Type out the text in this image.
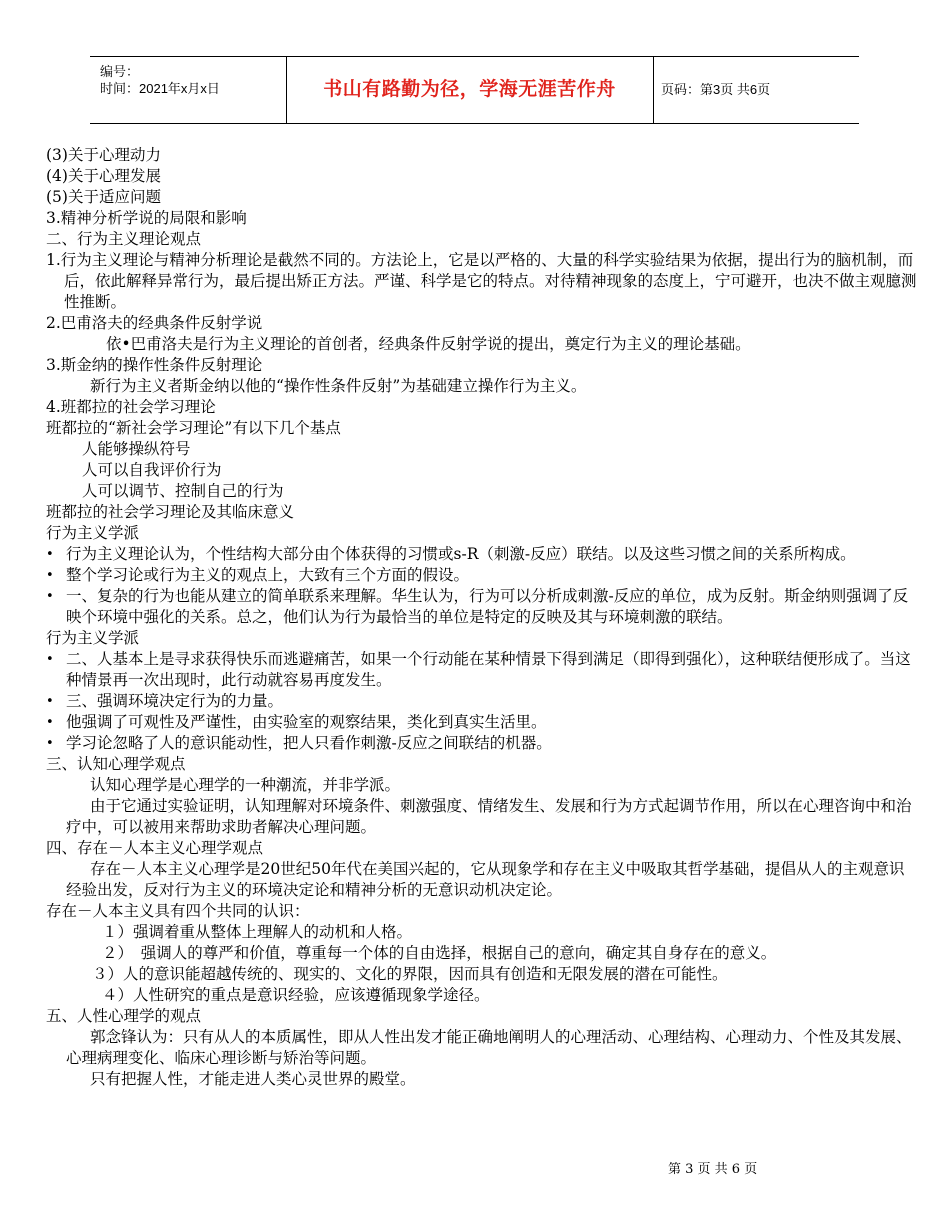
编号：
时间：2021年x月x日	书山有路勤为径，学海无涯苦作舟	页码：第3页 共6页
(3)关于心理动力
(4)关于心理发展
(5)关于适应问题
3.精神分析学说的局限和影响
二、行为主义理论观点
1.行为主义理论与精神分析理论是截然不同的。方法论上，它是以严格的、大量的科学实验结果为依据，提出行为的脑机制，而后，依此解释异常行为，最后提出矫正方法。严谨、科学是它的特点。对待精神现象的态度上，宁可避开，也决不做主观臆测性推断。
2.巴甫洛夫的经典条件反射学说
依•巴甫洛夫是行为主义理论的首创者，经典条件反射学说的提出，奠定行为主义的理论基础。
3.斯金纳的操作性条件反射理论
新行为主义者斯金纳以他的“操作性条件反射”为基础建立操作行为主义。
4.班都拉的社会学习理论
班都拉的“新社会学习理论”有以下几个基点
人能够操纵符号
人可以自我评价行为
人可以调节、控制自己的行为
班都拉的社会学习理论及其临床意义
行为主义学派
• 行为主义理论认为，个性结构大部分由个体获得的习惯或s-R（刺激-反应）联结。以及这些习惯之间的关系所构成。
• 整个学习论或行为主义的观点上，大致有三个方面的假设。
• 一、复杂的行为也能从建立的简单联系来理解。华生认为，行为可以分析成刺激-反应的单位，成为反射。斯金纳则强调了反映个环境中强化的关系。总之，他们认为行为最恰当的单位是特定的反映及其与环境刺激的联结。
行为主义学派
• 二、人基本上是寻求获得快乐而逃避痛苦，如果一个行动能在某种情景下得到满足（即得到强化），这种联结便形成了。当这种情景再一次出现时，此行动就容易再度发生。
• 三、强调环境决定行为的力量。
• 他强调了可观性及严谨性，由实验室的观察结果，类化到真实生活里。
• 学习论忽略了人的意识能动性，把人只看作刺激-反应之间联结的机器。
三、认知心理学观点
认知心理学是心理学的一种潮流，并非学派。
由于它通过实验证明，认知理解对环境条件、刺激强度、情绪发生、发展和行为方式起调节作用，所以在心理咨询中和治疗中，可以被用来帮助求助者解决心理问题。
四、存在－人本主义心理学观点
存在－人本主义心理学是20世纪50年代在美国兴起的，它从现象学和存在主义中吸取其哲学基础，提倡从人的主观意识经验出发，反对行为主义的环境决定论和精神分析的无意识动机决定论。
存在－人本主义具有四个共同的认识：
１）强调着重从整体上理解人的动机和人格。
２）　强调人的尊严和价值，尊重每一个体的自由选择，根据自己的意向，确定其自身存在的意义。
３）人的意识能超越传统的、现实的、文化的界限，因而具有创造和无限发展的潜在可能性。
４）人性研究的重点是意识经验，应该遵循现象学途径。
五、人性心理学的观点
郭念锋认为：只有从人的本质属性，即从人性出发才能正确地阐明人的心理活动、心理结构、心理动力、个性及其发展、心理病理变化、临床心理诊断与矫治等问题。
只有把握人性，才能走进人类心灵世界的殿堂。
第 3 页 共 6 页
